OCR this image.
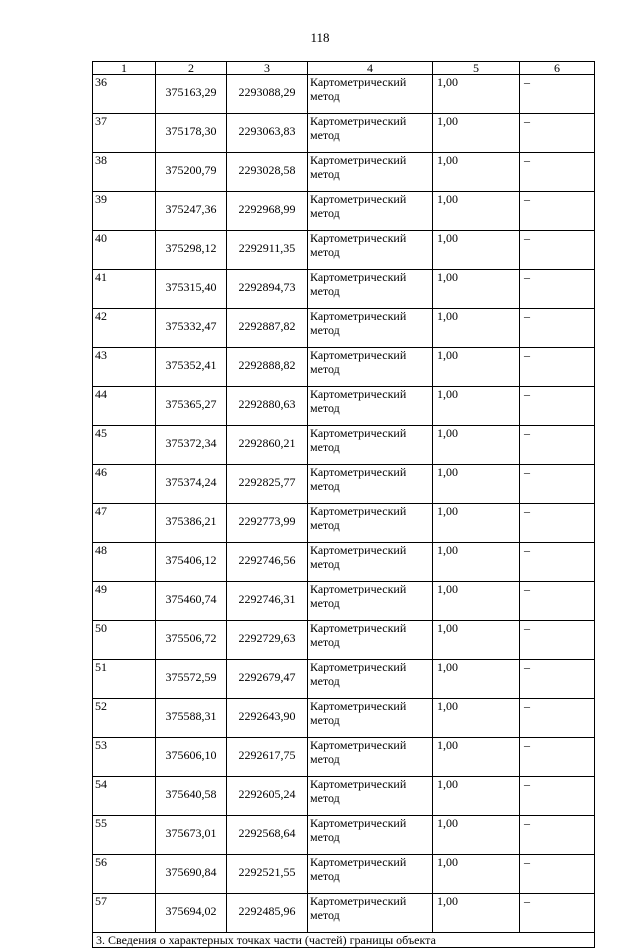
118
1	2	3	4	5	6
36	375163,29	2293088,29	Картометрический метод	1,00	–
37	375178,30	2293063,83	Картометрический метод	1,00	–
38	375200,79	2293028,58	Картометрический метод	1,00	–
39	375247,36	2292968,99	Картометрический метод	1,00	–
40	375298,12	2292911,35	Картометрический метод	1,00	–
41	375315,40	2292894,73	Картометрический метод	1,00	–
42	375332,47	2292887,82	Картометрический метод	1,00	–
43	375352,41	2292888,82	Картометрический метод	1,00	–
44	375365,27	2292880,63	Картометрический метод	1,00	–
45	375372,34	2292860,21	Картометрический метод	1,00	–
46	375374,24	2292825,77	Картометрический метод	1,00	–
47	375386,21	2292773,99	Картометрический метод	1,00	–
48	375406,12	2292746,56	Картометрический метод	1,00	–
49	375460,74	2292746,31	Картометрический метод	1,00	–
50	375506,72	2292729,63	Картометрический метод	1,00	–
51	375572,59	2292679,47	Картометрический метод	1,00	–
52	375588,31	2292643,90	Картометрический метод	1,00	–
53	375606,10	2292617,75	Картометрический метод	1,00	–
54	375640,58	2292605,24	Картометрический метод	1,00	–
55	375673,01	2292568,64	Картометрический метод	1,00	–
56	375690,84	2292521,55	Картометрический метод	1,00	–
57	375694,02	2292485,96	Картометрический метод	1,00	–
3. Сведения о характерных точках части (частей) границы объекта					
